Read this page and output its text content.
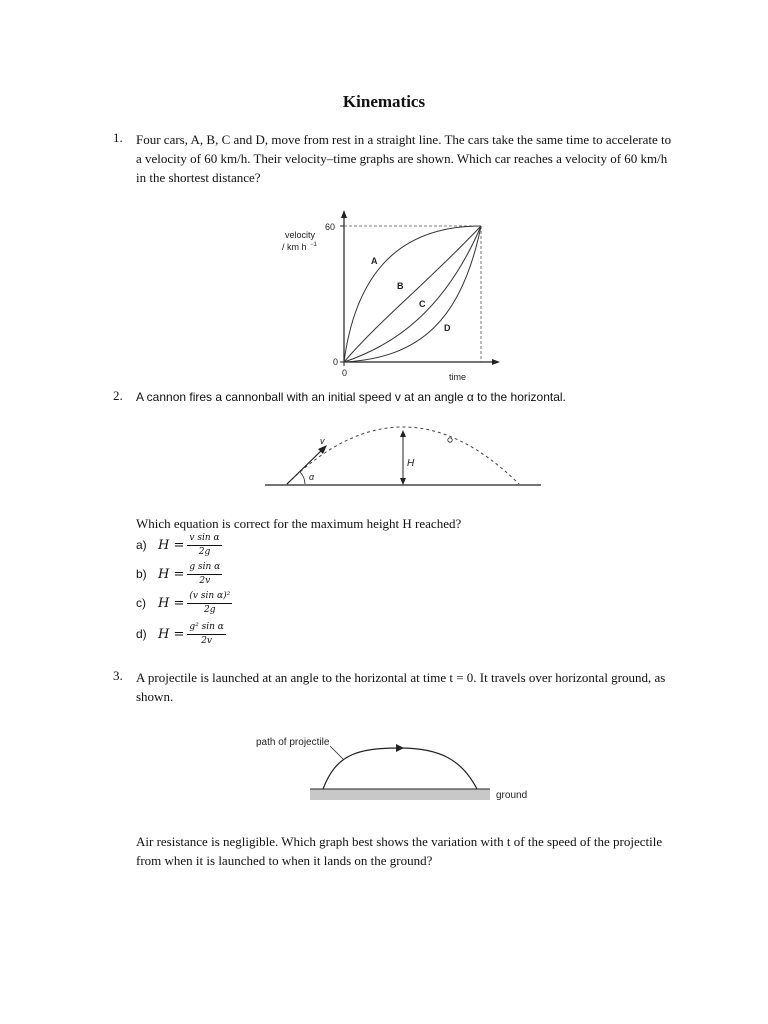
Kinematics
1. Four cars, A, B, C and D, move from rest in a straight line. The cars take the same time to accelerate to a velocity of 60 km/h. Their velocity–time graphs are shown. Which car reaches a velocity of 60 km/h in the shortest distance?
A
B
C
D
60
0
0	time
velocity
/ km h −1
2. A cannon fires a cannonball with an initial speed v at an angle α to the horizontal.
v
α
H
Which equation is correct for the maximum height H reached?
a) $H = \frac{\text{v sin α}}{2g}$
b) $H = \frac{\text{g sin α}}{2v}$
c) $H = \frac{\text{(v sin α)²}}{2g}$
d) $H = \frac{\text{g² sin α}}{2v}$
3. A projectile is launched at an angle to the horizontal at time t = 0. It travels over horizontal ground, as shown.
path of projectile
ground
Air resistance is negligible. Which graph best shows the variation with t of the speed of the projectile from when it is launched to when it lands on the ground?
